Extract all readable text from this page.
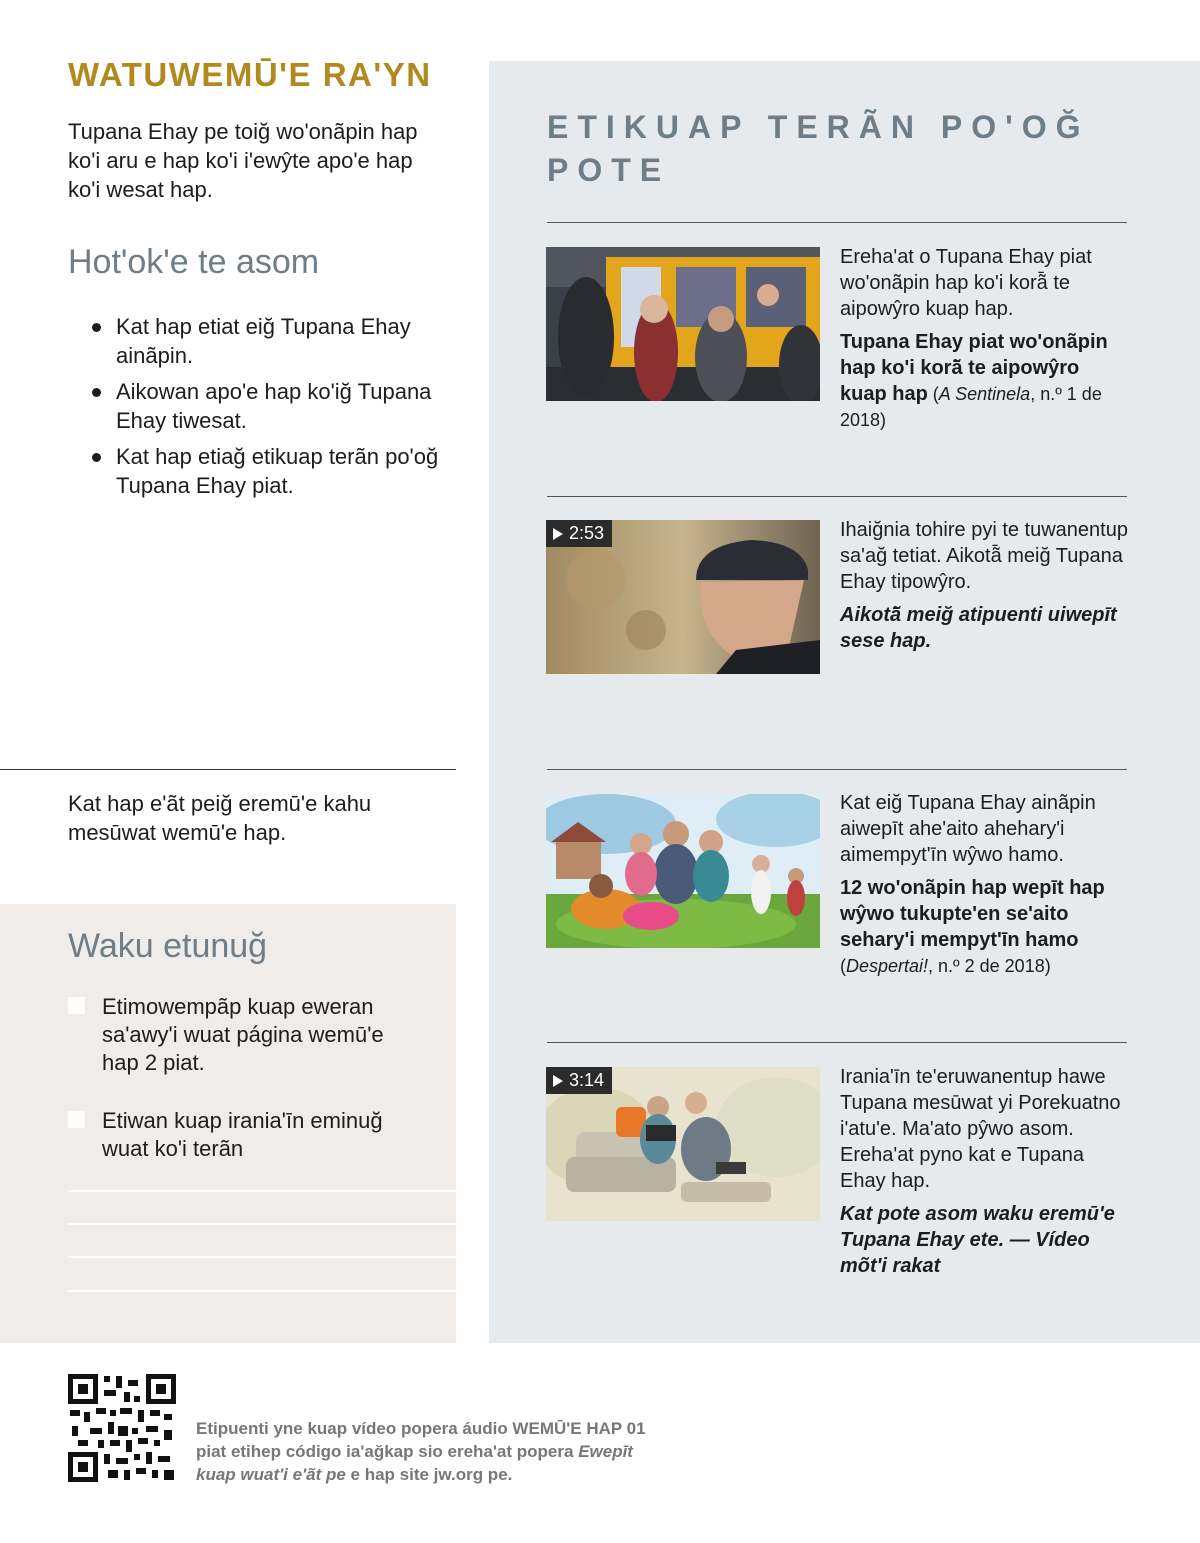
WATUWEMŪ'E RA'YN
Tupana Ehay pe toiğ wo'onãpin hap ko'i aru e hap ko'i i'ewŷte apo'e hap ko'i wesat hap.
Hot'ok'e te asom
Kat hap etiat eiğ Tupana Ehay ainãpin.
Aikowan apo'e hap ko'iğ Tupana Ehay tiwesat.
Kat hap etiağ etikuap terãn po'oğ Tupana Ehay piat.
Kat hap e'ãt peiğ eremū'e kahu mesūwat wemū'e hap.
Waku etunuğ
Etimowempãp kuap eweran sa'awy'i wuat página wemū'e hap 2 piat.
Etiwan kuap irania'īn eminuğ wuat ko'i terãn
ETIKUAP TERÃN PO'OĞ POTE

Ereha'at o Tupana Ehay piat wo'onãpin hap ko'i korã̄ te aipowŷro kuap hap.

Tupana Ehay piat wo'onãpin hap ko'i korã̄ te aipowŷro kuap hap (A Sentinela, n.º 1 de 2018)

2:53	Ihaiğnia tohire pyi te tuwanentup sa'ağ tetiat. Aikotã̄ meiğ Tupana Ehay tipowŷro.

Aikotã̄ meiğ atipuenti uiwepīt sese hap.

Kat eiğ Tupana Ehay ainãpin aiwepīt ahe'aito ahehary'i aimempyt'īn wŷwo hamo.

12 wo'onãpin hap wepīt hap wŷwo tukupte'en se'aito sehary'i mempyt'īn hamo (Despertai!, n.º 2 de 2018)

3:14	Irania'īn te'eruwanentup hawe Tupana mesūwat yi Porekuatno i'atu'e. Ma'ato pŷwo asom. Ereha'at pyno kat e Tupana Ehay hap.

Kat pote asom waku eremū'e Tupana Ehay ete. — Vídeo mõt'i rakat

Etipuenti yne kuap vídeo popera áudio WEMŪ'E HAP 01 piat etihep código ia'ağkap sio ereha'at popera Ewepīt kuap wuat'i e'ãt pe e hap site jw.org pe.
